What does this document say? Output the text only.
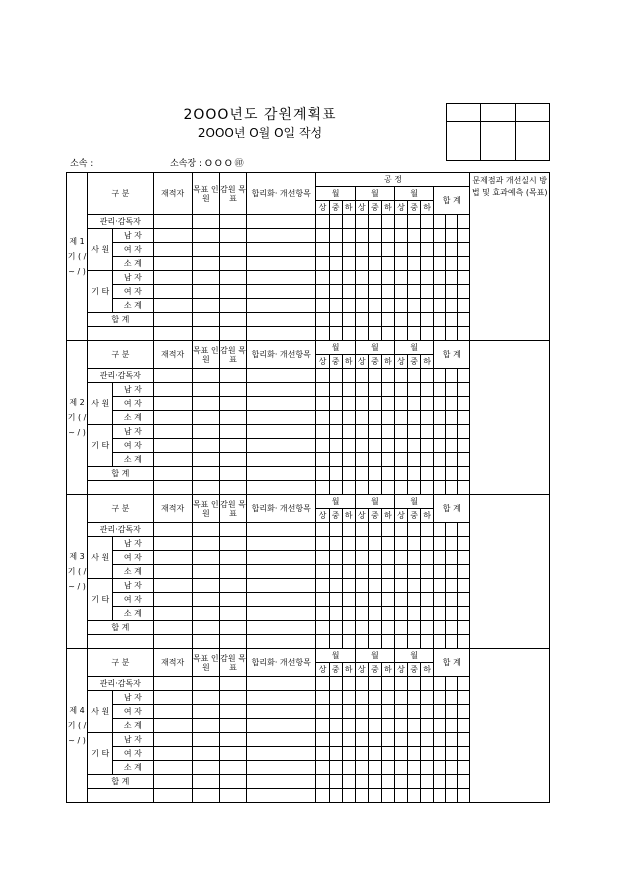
2OOO년도 감원계획표
2OOO년 O월 O일 작성

소속 :	소속장 : O O O ㊞
제 1 기 ( / ~ / )	구 분		재적자	목표 인원	감원 목표	합리화· 개선항목	공 정												문제점과 개선실시 방법 및 효과예측 (목표)
							월			월			월			합 계			
							상	중	하	상	중	하	상	중	하				
	관리·감독자																		
	사 원	남 자																	
		여 자																	
		소 계																	
	기 타	남 자																	
		여 자																	
		소 계																	
	합 계																		

제 2 기 ( / ~ / )	구 분		재적자	목표 인원	감원 목표	합리화· 개선항목	월			월			월			합 계			
							상	중	하	상	중	하	상	중	하				
	관리·감독자																		
	사 원	남 자																	
		여 자																	
		소 계																	
	기 타	남 자																	
		여 자																	
		소 계																	
	합 계																		

제 3 기 ( / ~ / )	구 분		재적자	목표 인원	감원 목표	합리화· 개선항목	월			월			월			합 계			
							상	중	하	상	중	하	상	중	하				
	관리·감독자																		
	사 원	남 자																	
		여 자																	
		소 계																	
	기 타	남 자																	
		여 자																	
		소 계																	
	합 계																		

제 4 기 ( / ~ / )	구 분		재적자	목표 인원	감원 목표	합리화· 개선항목	월			월			월			합 계			
							상	중	하	상	중	하	상	중	하				
	관리·감독자																		
	사 원	남 자																	
		여 자																	
		소 계																	
	기 타	남 자																	
		여 자																	
		소 계																	
	합 계																		
